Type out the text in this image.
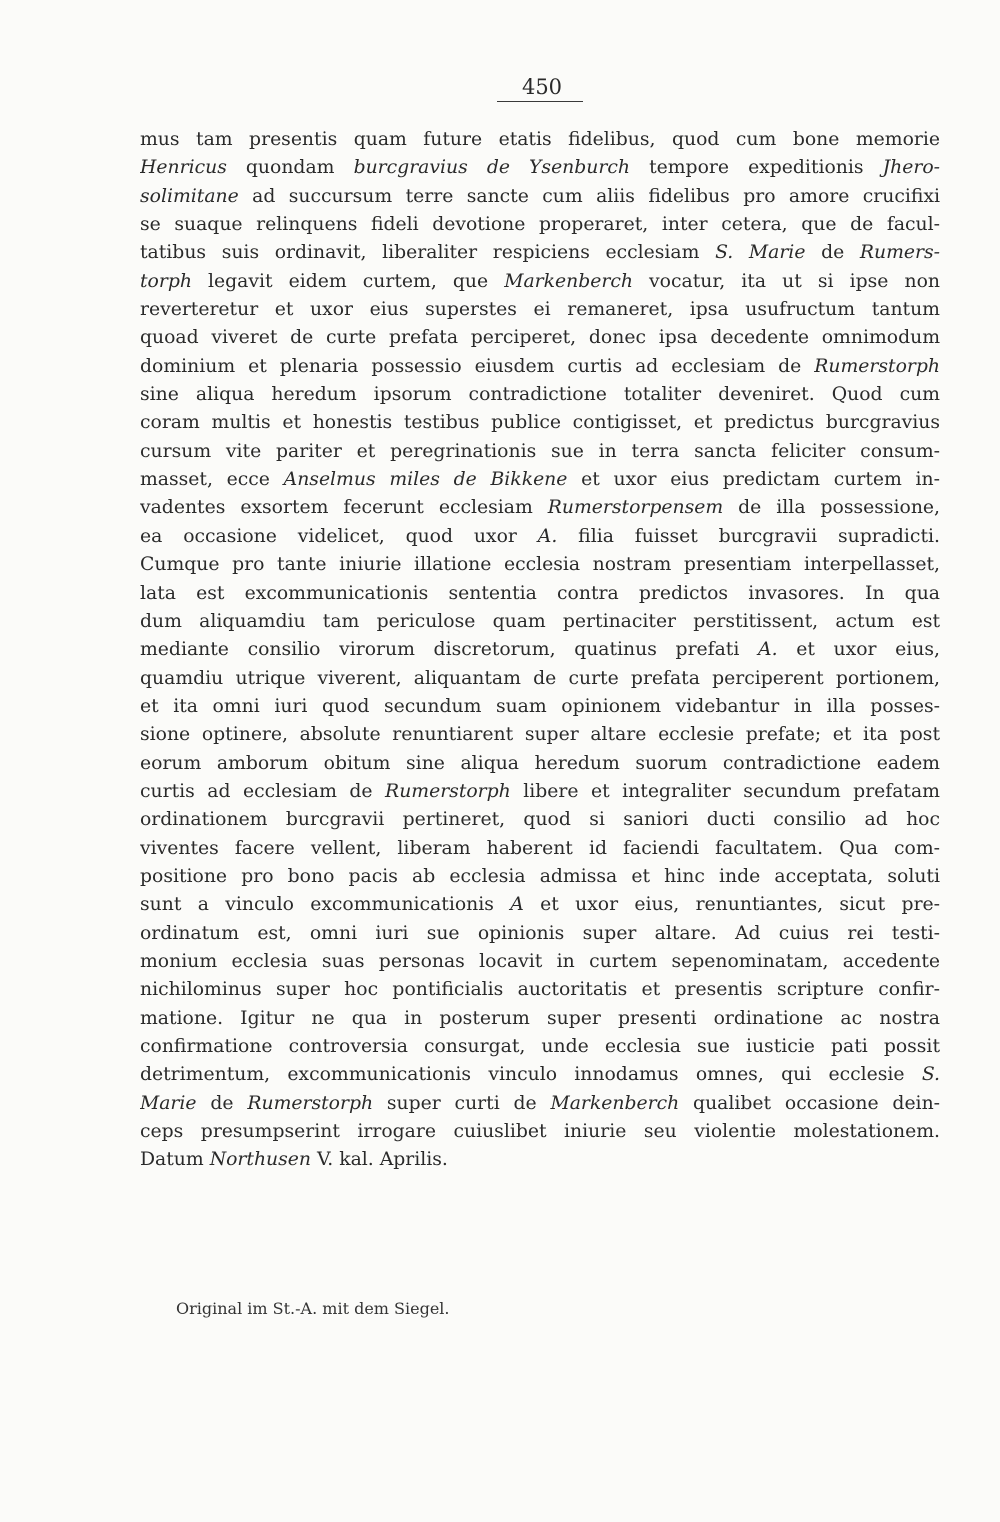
450
mus tam presentis quam future etatis fidelibus, quod cum bone memorie
Henricus quondam burcgravius de Ysenburch tempore expeditionis Jhero-
solimitane ad succursum terre sancte cum aliis fidelibus pro amore crucifixi
se suaque relinquens fideli devotione properaret, inter cetera, que de facul-
tatibus suis ordinavit, liberaliter respiciens ecclesiam S. Marie de Rumers-
torph legavit eidem curtem, que Markenberch vocatur, ita ut si ipse non
reverteretur et uxor eius superstes ei remaneret, ipsa usufructum tantum
quoad viveret de curte prefata perciperet, donec ipsa decedente omnimodum
dominium et plenaria possessio eiusdem curtis ad ecclesiam de Rumerstorph
sine aliqua heredum ipsorum contradictione totaliter deveniret. Quod cum
coram multis et honestis testibus publice contigisset, et predictus burcgravius
cursum vite pariter et peregrinationis sue in terra sancta feliciter consum-
masset, ecce Anselmus miles de Bikkene et uxor eius predictam curtem in-
vadentes exsortem fecerunt ecclesiam Rumerstorpensem de illa possessione,
ea occasione videlicet, quod uxor A. filia fuisset burcgravii supradicti.
Cumque pro tante iniurie illatione ecclesia nostram presentiam interpellasset,
lata est excommunicationis sententia contra predictos invasores. In qua
dum aliquamdiu tam periculose quam pertinaciter perstitissent, actum est
mediante consilio virorum discretorum, quatinus prefati A. et uxor eius,
quamdiu utrique viverent, aliquantam de curte prefata perciperent portionem,
et ita omni iuri quod secundum suam opinionem videbantur in illa posses-
sione optinere, absolute renuntiarent super altare ecclesie prefate; et ita post
eorum amborum obitum sine aliqua heredum suorum contradictione eadem
curtis ad ecclesiam de Rumerstorph libere et integraliter secundum prefatam
ordinationem burcgravii pertineret, quod si saniori ducti consilio ad hoc
viventes facere vellent, liberam haberent id faciendi facultatem. Qua com-
positione pro bono pacis ab ecclesia admissa et hinc inde acceptata, soluti
sunt a vinculo excommunicationis A et uxor eius, renuntiantes, sicut pre-
ordinatum est, omni iuri sue opinionis super altare. Ad cuius rei testi-
monium ecclesia suas personas locavit in curtem sepenominatam, accedente
nichilominus super hoc pontificialis auctoritatis et presentis scripture confir-
matione. Igitur ne qua in posterum super presenti ordinatione ac nostra
confirmatione controversia consurgat, unde ecclesia sue iusticie pati possit
detrimentum, excommunicationis vinculo innodamus omnes, qui ecclesie S.
Marie de Rumerstorph super curti de Markenberch qualibet occasione dein-
ceps presumpserint irrogare cuiuslibet iniurie seu violentie molestationem.
Datum Northusen V. kal. Aprilis.
Original im St.-A. mit dem Siegel.
